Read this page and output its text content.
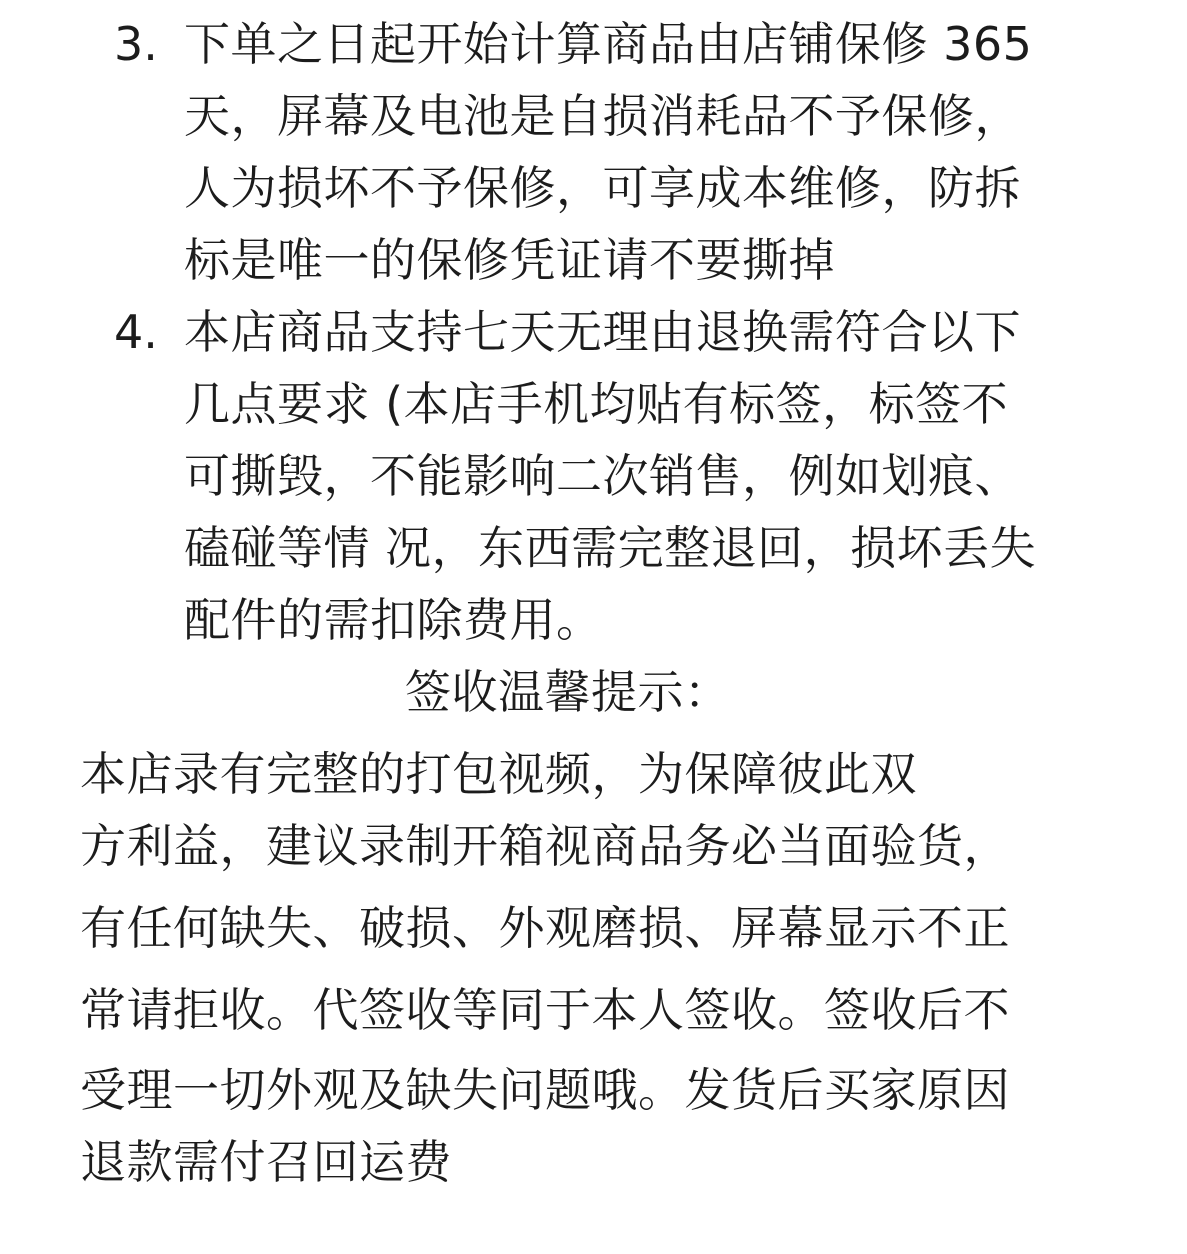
3. 下单之日起开始计算商品由店铺保修 365
天，屏幕及电池是自损消耗品不予保修，
人为损坏不予保修，可享成本维修，防拆
标是唯一的保修凭证请不要撕掉
4. 本店商品支持七天无理由退换需符合以下
几点要求 (本店手机均贴有标签，标签不
可撕毁，不能影响二次销售，例如划痕、
磕碰等情 况，东西需完整退回，损坏丢失
配件的需扣除费用。
签收温馨提示：
本店录有完整的打包视频，为保障彼此双
方利益，建议录制开箱视商品务必当面验货，
有任何缺失、破损、外观磨损、屏幕显示不正
常请拒收。代签收等同于本人签收。签收后不
受理一切外观及缺失问题哦。发货后买家原因
退款需付召回运费
